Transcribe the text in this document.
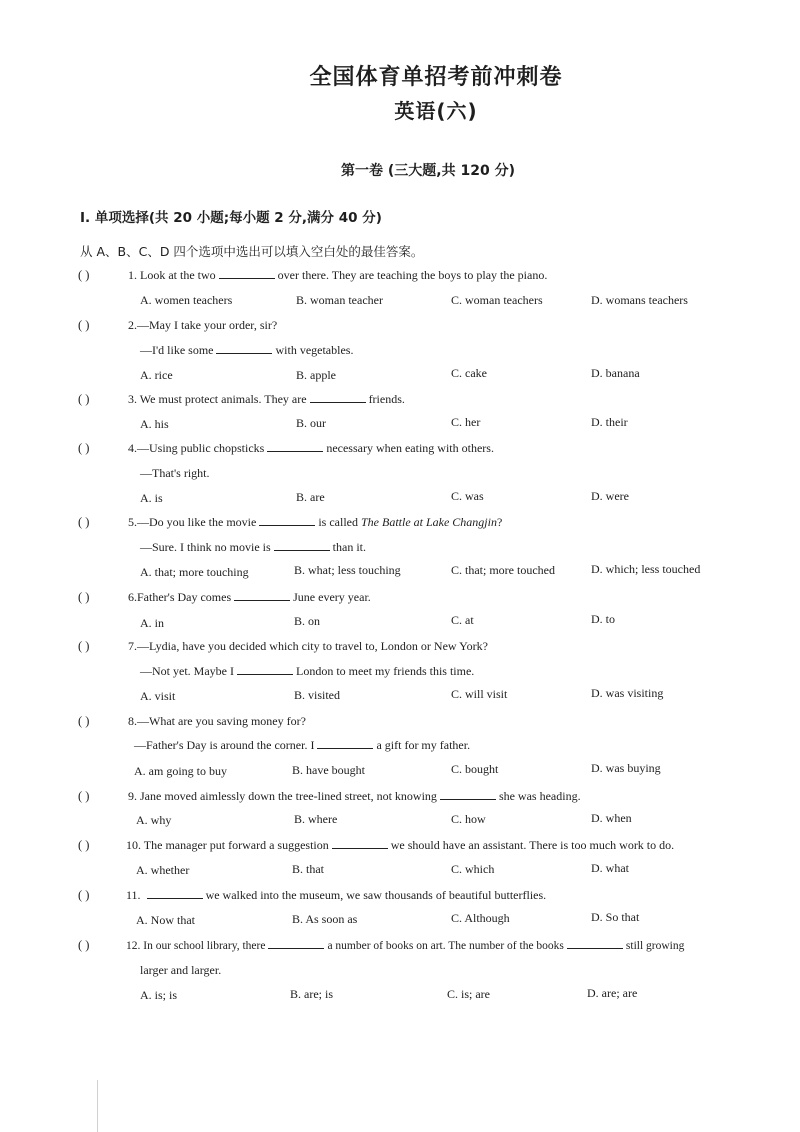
全国体育单招考前冲刺卷
英语(六)
第一卷 (三大题,共 120 分)
Ⅰ. 单项选择(共 20 小题;每小题 2 分,满分 40 分)
从 A、B、C、D 四个选项中选出可以填入空白处的最佳答案。
( )	1. Look at the two	over there. They are teaching the boys to play the piano.
A. women teachers	B. woman teacher	C. woman teachers	D. womans teachers
( )	2.—May I take your order, sir?
—I'd like some	with vegetables.
A. rice	B. apple	C. cake	D. banana
( )	3. We must protect animals. They are	friends.
A. his	B. our	C. her	D. their
( )	4.—Using public chopsticks	necessary when eating with others.
—That's right.
A. is	B. are	C. was	D. were
( )	5.—Do you like the movie	is called The Battle at Lake Changjin?
—Sure. I think no movie is	than it.
A. that; more touching	B. what; less touching	C. that; more touched	D. which; less touched
( )	6.Father's Day comes	June every year.
A. in	B. on	C. at	D. to
( )	7.—Lydia, have you decided which city to travel to, London or New York?
—Not yet. Maybe I	London to meet my friends this time.
A. visit	B. visited	C. will visit	D. was visiting
( )	8.—What are you saving money for?
—Father's Day is around the corner. I	a gift for my father.
A. am going to buy	B. have bought	C. bought	D. was buying
( )	9. Jane moved aimlessly down the tree-lined street, not knowing	she was heading.
A. why	B. where	C. how	D. when
( )	10. The manager put forward a suggestion	we should have an assistant. There is too much work to do.
A. whether	B. that	C. which	D. what
( )	11.	we walked into the museum, we saw thousands of beautiful butterflies.
A. Now that	B. As soon as	C. Although	D. So that
( )	12. In our school library, there	a number of books on art. The number of the books	still growing
larger and larger.
A. is; is	B. are; is	C. is; are	D. are; are
